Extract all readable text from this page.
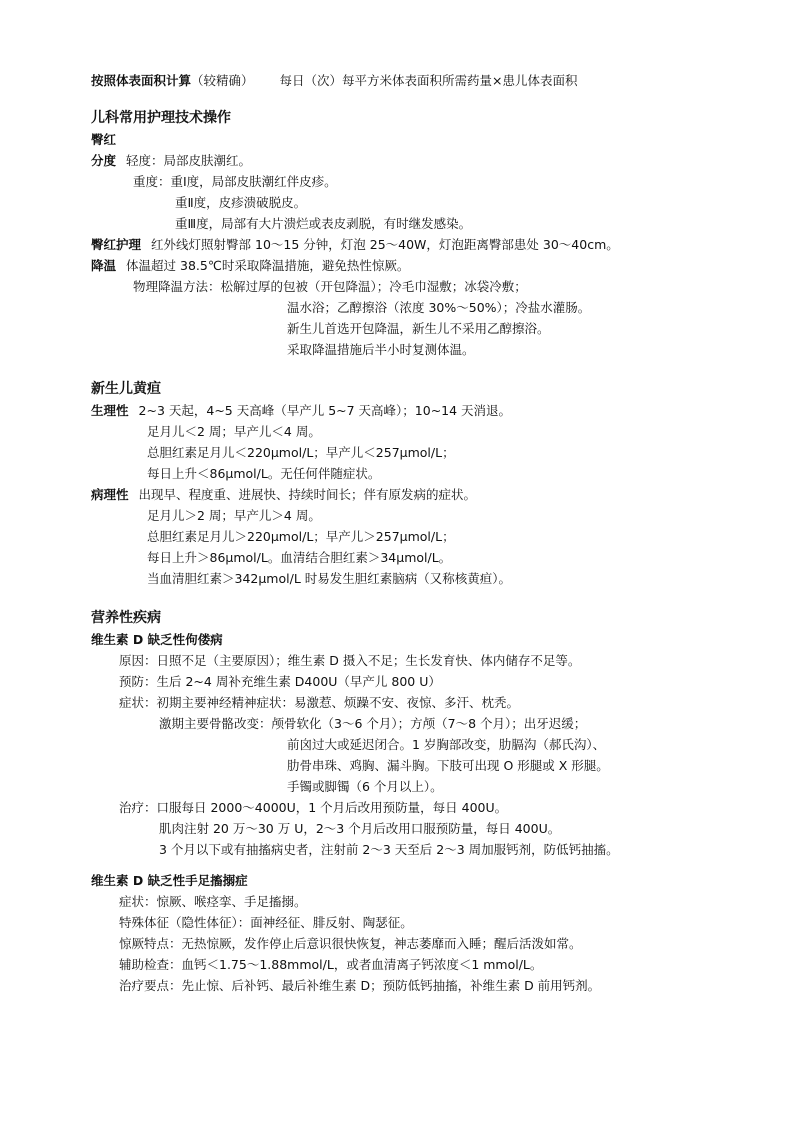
按照体表面积计算（较精确） 每日（次）每平方米体表面积所需药量×患儿体表面积
儿科常用护理技术操作
臀红
分度 轻度：局部皮肤潮红。
重度：重Ⅰ度，局部皮肤潮红伴皮疹。
重Ⅱ度，皮疹溃破脱皮。
重Ⅲ度，局部有大片溃烂或表皮剥脱，有时继发感染。
臀红护理 红外线灯照射臀部 10～15 分钟，灯泡 25～40W，灯泡距离臀部患处 30～40cm。
降温 体温超过 38.5℃时采取降温措施，避免热性惊厥。
物理降温方法：松解过厚的包被（开包降温）；冷毛巾湿敷；冰袋冷敷；
温水浴；乙醇擦浴（浓度 30%～50%）；冷盐水灌肠。
新生儿首选开包降温，新生儿不采用乙醇擦浴。
采取降温措施后半小时复测体温。
新生儿黄疸
生理性 2~3 天起，4~5 天高峰（早产儿 5~7 天高峰）；10~14 天消退。
足月儿＜2 周；早产儿＜4 周。
总胆红素足月儿＜220μmol/L；早产儿＜257μmol/L；
每日上升＜86μmol/L。无任何伴随症状。
病理性 出现早、程度重、进展快、持续时间长；伴有原发病的症状。
足月儿＞2 周；早产儿＞4 周。
总胆红素足月儿＞220μmol/L；早产儿＞257μmol/L；
每日上升＞86μmol/L。血清结合胆红素＞34μmol/L。
当血清胆红素＞342μmol/L 时易发生胆红素脑病（又称核黄疸）。
营养性疾病
维生素 D 缺乏性佝偻病
原因：日照不足（主要原因）；维生素 D 摄入不足；生长发育快、体内储存不足等。
预防：生后 2~4 周补充维生素 D400U（早产儿 800 U）
症状：初期主要神经精神症状：易激惹、烦躁不安、夜惊、多汗、枕秃。
激期主要骨骼改变：颅骨软化（3～6 个月）；方颅（7～8 个月）；出牙迟缓；
前囟过大或延迟闭合。1 岁胸部改变，肋膈沟（郝氏沟）、
肋骨串珠、鸡胸、漏斗胸。下肢可出现 O 形腿或 X 形腿。
手镯或脚镯（6 个月以上）。
治疗：口服每日 2000～4000U，1 个月后改用预防量，每日 400U。
肌肉注射 20 万～30 万 U，2～3 个月后改用口服预防量，每日 400U。
3 个月以下或有抽搐病史者，注射前 2～3 天至后 2～3 周加服钙剂，防低钙抽搐。
维生素 D 缺乏性手足搐搦症
症状：惊厥、喉痉挛、手足搐搦。
特殊体征（隐性体征）：面神经征、腓反射、陶瑟征。
惊厥特点：无热惊厥，发作停止后意识很快恢复，神志萎靡而入睡；醒后活泼如常。
辅助检查：血钙＜1.75～1.88mmol/L，或者血清离子钙浓度＜1 mmol/L。
治疗要点：先止惊、后补钙、最后补维生素 D；预防低钙抽搐，补维生素 D 前用钙剂。
